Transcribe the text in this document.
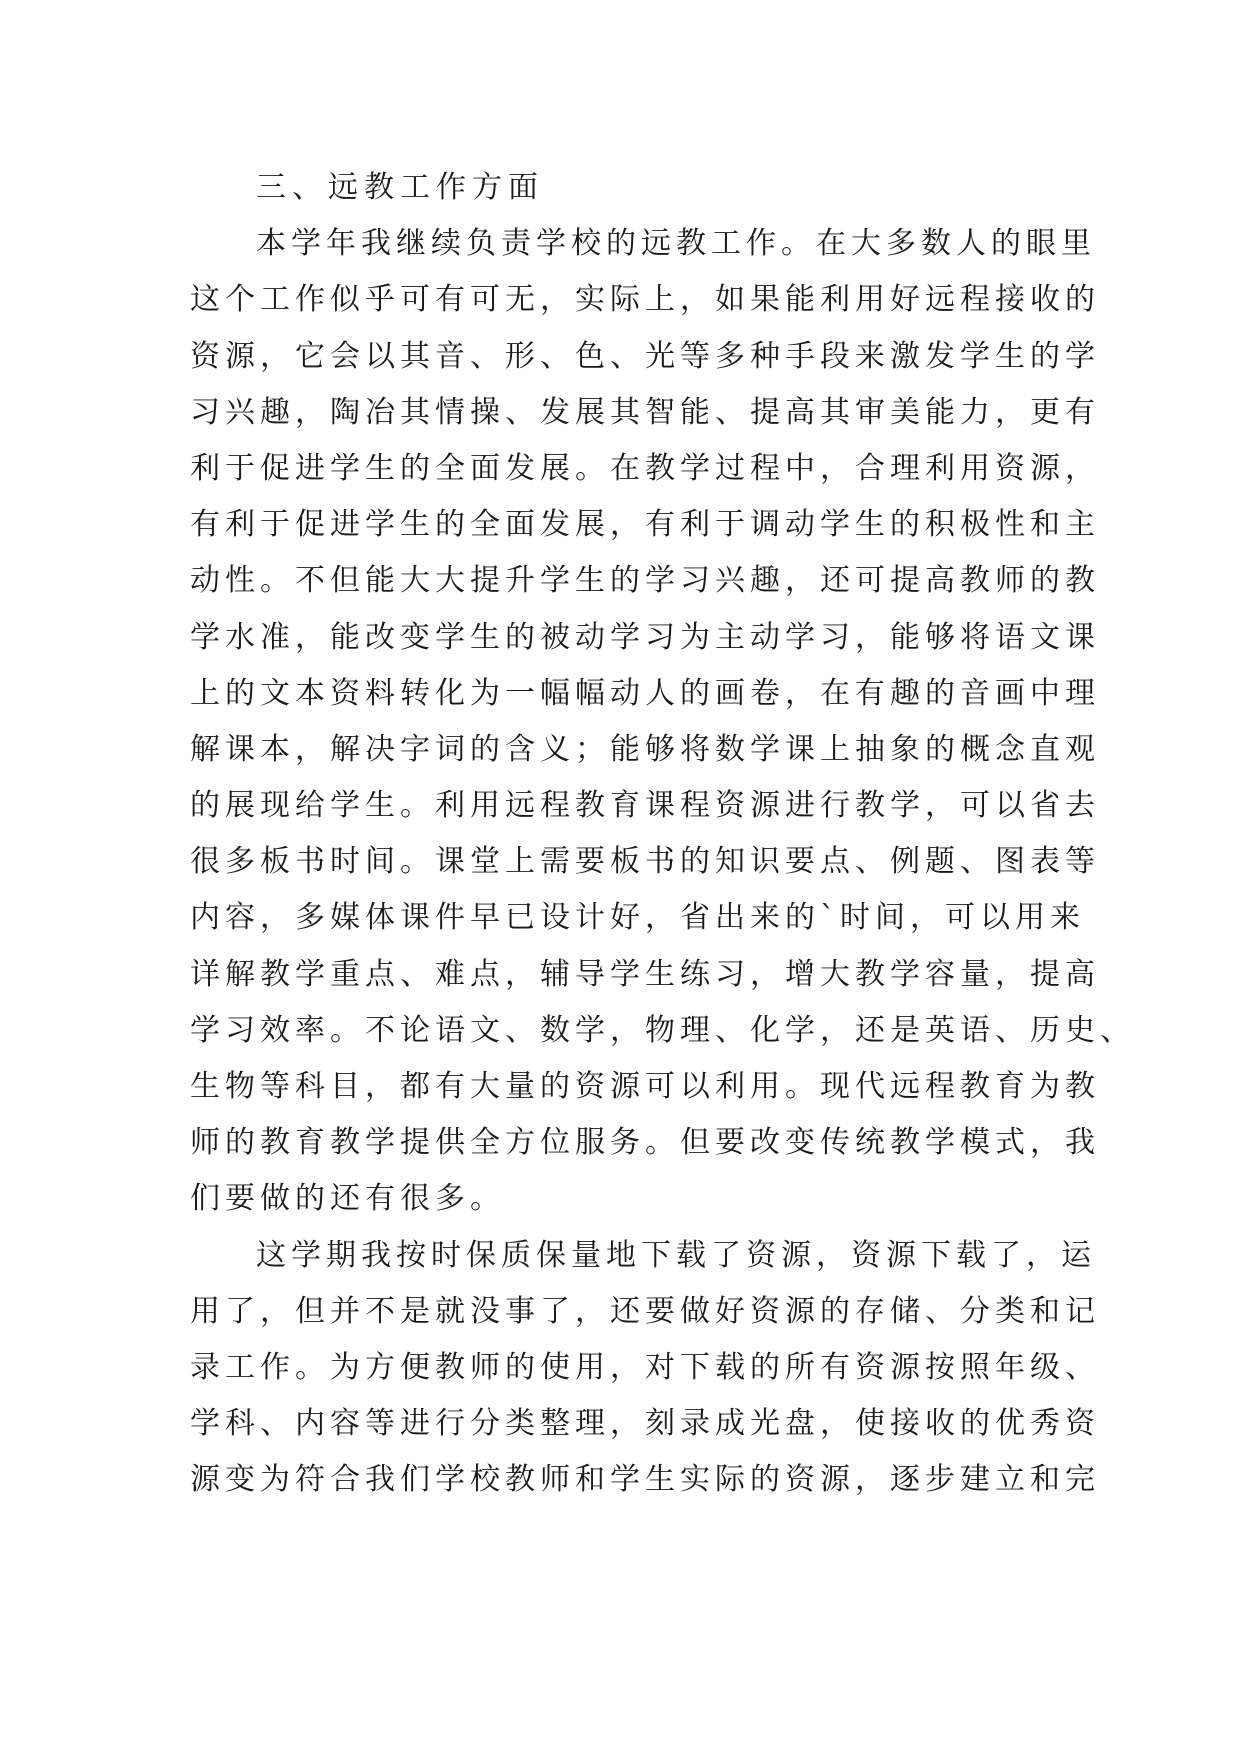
三、远教工作方面
本学年我继续负责学校的远教工作。在大多数人的眼里
这个工作似乎可有可无，实际上，如果能利用好远程接收的
资源，它会以其音、形、色、光等多种手段来激发学生的学
习兴趣，陶冶其情操、发展其智能、提高其审美能力，更有
利于促进学生的全面发展。在教学过程中，合理利用资源，
有利于促进学生的全面发展，有利于调动学生的积极性和主
动性。不但能大大提升学生的学习兴趣，还可提高教师的教
学水准，能改变学生的被动学习为主动学习，能够将语文课
上的文本资料转化为一幅幅动人的画卷，在有趣的音画中理
解课本，解决字词的含义；能够将数学课上抽象的概念直观
的展现给学生。利用远程教育课程资源进行教学，可以省去
很多板书时间。课堂上需要板书的知识要点、例题、图表等
内容，多媒体课件早已设计好，省出来的`时间，可以用来
详解教学重点、难点，辅导学生练习，增大教学容量，提高
学习效率。不论语文、数学，物理、化学，还是英语、历史、
生物等科目，都有大量的资源可以利用。现代远程教育为教
师的教育教学提供全方位服务。但要改变传统教学模式，我
们要做的还有很多。
这学期我按时保质保量地下载了资源，资源下载了，运
用了，但并不是就没事了，还要做好资源的存储、分类和记
录工作。为方便教师的使用，对下载的所有资源按照年级、
学科、内容等进行分类整理，刻录成光盘，使接收的优秀资
源变为符合我们学校教师和学生实际的资源，逐步建立和完
